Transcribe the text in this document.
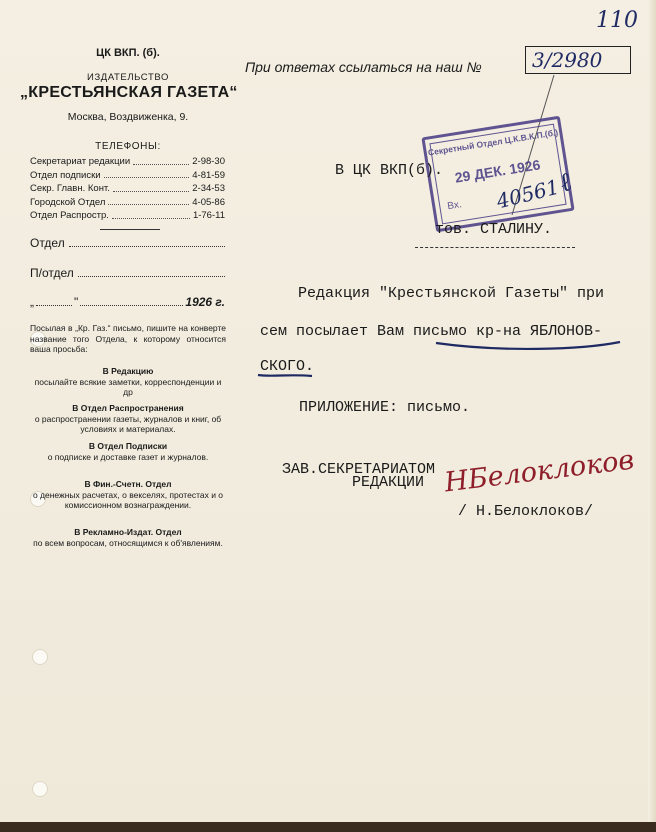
110
ЦК ВКП. (б).
ИЗДАТЕЛЬСТВО
„КРЕСТЬЯНСКАЯ ГАЗЕТА“
Москва, Воздвиженка, 9.
ТЕЛЕФОНЫ:
Секретариат редакции	2-98-30
Отдел подписки	4-81-59
Секр. Главн. Конт.	2-34-53
Городской Отдел	4-05-86
Отдел Распростр.	1-76-11
Отдел
П/отдел
„	"	1926 г.
Посылая в „Кр. Газ.“ письмо, пишите на конверте название того Отдела, к которому относится ваша просьба:
В Редакцию
посылайте всякие заметки, корреспонденции и др
В Отдел Распространения
о распространении газеты, журналов и книг, об условиях и материалах.
В Отдел Подписки
о подписке и доставке газет и журналов.
В Фин.-Счетн. Отдел
о денежных расчетах, о векселях, протестах и о комиссионном вознаграждении.
В Рекламно-Издат. Отдел
по всем вопросам, относящимся к об'явлениям.
При ответах ссылаться на наш №	3/2980
Секретный Отдел Ц.К.В.К.П.(б.)
29 ДЕК. 1926
Вх. 40561
ℓ
В ЦК ВКП(б).
тов. СТАЛИНУ.
Редакция "Крестьянской Газеты" при
сем посылает Вам письмо кр-на ЯБЛОНОВ-
СКОГО.
ПРИЛОЖЕНИЕ: письмо.
ЗАВ.СЕКРЕТАРИАТОМ
РЕДАКЦИИ НБелоклоков
/ Н.Белоклоков/
